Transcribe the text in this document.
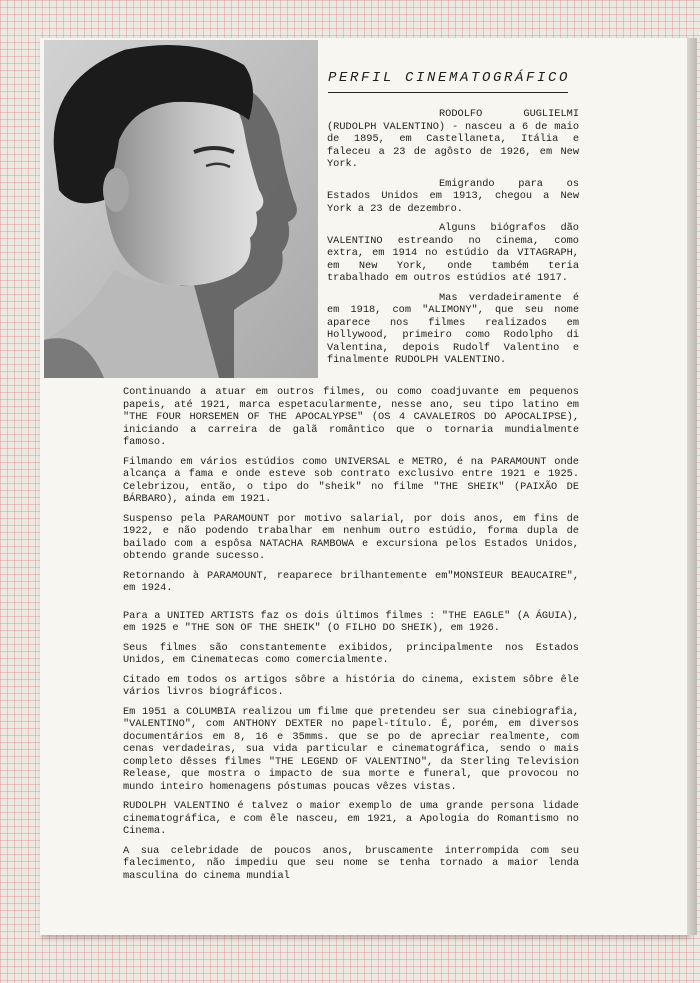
PERFIL CINEMATOGRÁFICO

RODOLFO GUGLIELMI (RUDOLPH VALENTINO) - nasceu a 6 de maio de 1895, em Castellaneta, Itália e faleceu a 23 de agôsto de 1926, em New York.

Emigrando para os Estados Unidos em 1913, chegou a New York a 23 de dezembro.

Alguns biógrafos dão VALENTINO estreando no cinema, como extra, em 1914 no estúdio da VITAGRAPH, em New York, onde também teria trabalhado em outros estúdios até 1917.

Mas verdadeiramente é em 1918, com "ALIMONY", que seu nome aparece nos filmes realizados em Hollywood, primeiro como Rodolpho di Valentina, depois Rudolf Valentino e finalmente RUDOLPH VALENTINO.

Continuando a atuar em outros filmes, ou como coadjuvante em pequenos papeis, até 1921, marca espetacularmente, nesse ano, seu tipo latino em "THE FOUR HORSEMEN OF THE APOCALYPSE" (OS 4 CAVALEIROS DO APOCALIPSE), iniciando a carreira de galã romântico que o tornaria mundialmente famoso.

Filmando em vários estúdios como UNIVERSAL e METRO, é na PARAMOUNT onde alcança a fama e onde esteve sob contrato exclusivo entre 1921 e 1925. Celebrizou, então, o tipo do "sheik" no filme "THE SHEIK" (PAIXÃO DE BÁRBARO), ainda em 1921.

Suspenso pela PARAMOUNT por motivo salarial, por dois anos, em fins de 1922, e não podendo trabalhar em nenhum outro estúdio, forma dupla de bailado com a espôsa NATACHA RAMBOWA e excursiona pelos Estados Unidos, obtendo grande sucesso.

Retornando à PARAMOUNT, reaparece brilhantemente em"MONSIEUR BEAUCAIRE", em 1924.

Para a UNITED ARTISTS faz os dois últimos filmes : "THE EAGLE" (A ÁGUIA), em 1925 e "THE SON OF THE SHEIK" (O FILHO DO SHEIK), em 1926.

Seus filmes são constantemente exibidos, principalmente nos Estados Unidos, em Cinematecas como comercialmente.

Citado em todos os artigos sôbre a história do cinema, existem sôbre êle vários livros biográficos.

Em 1951 a COLUMBIA realizou um filme que pretendeu ser sua cinebiografia, "VALENTINO", com ANTHONY DEXTER no papel-título. É, porém, em diversos documentários em 8, 16 e 35mms. que se po de apreciar realmente, com cenas verdadeiras, sua vida particular e cinematográfica, sendo o mais completo dêsses filmes "THE LEGEND OF VALENTINO", da Sterling Television Release, que mostra o impacto de sua morte e funeral, que provocou no mundo inteiro homenagens póstumas poucas vêzes vistas.

RUDOLPH VALENTINO é talvez o maior exemplo de uma grande persona lidade cinematográfica, e com êle nasceu, em 1921, a Apologia do Romantismo no Cinema.

A sua celebridade de poucos anos, bruscamente interrompida com seu falecimento, não impediu que seu nome se tenha tornado a maior lenda masculina do cinema mundial
